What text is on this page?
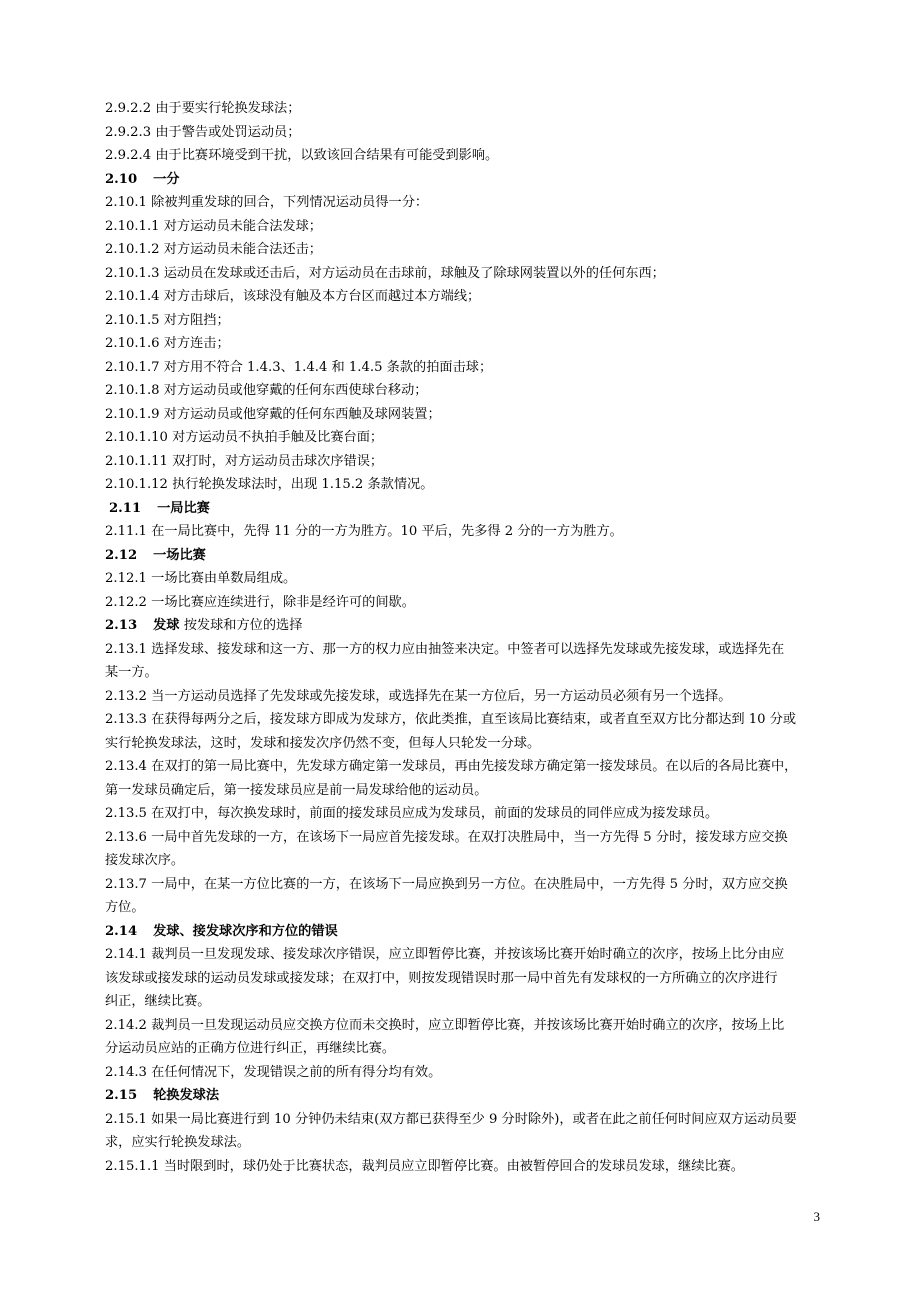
2.9.2.2 由于要实行轮换发球法；
2.9.2.3 由于警告或处罚运动员；
2.9.2.4 由于比赛环境受到干扰，以致该回合结果有可能受到影响。
2.10 一分
2.10.1 除被判重发球的回合，下列情况运动员得一分：
2.10.1.1 对方运动员未能合法发球；
2.10.1.2 对方运动员未能合法还击；
2.10.1.3 运动员在发球或还击后，对方运动员在击球前，球触及了除球网装置以外的任何东西；
2.10.1.4 对方击球后，该球没有触及本方台区而越过本方端线；
2.10.1.5 对方阻挡；
2.10.1.6 对方连击；
2.10.1.7 对方用不符合 1.4.3、1.4.4 和 1.4.5 条款的拍面击球；
2.10.1.8 对方运动员或他穿戴的任何东西使球台移动；
2.10.1.9 对方运动员或他穿戴的任何东西触及球网装置；
2.10.1.10 对方运动员不执拍手触及比赛台面；
2.10.1.11 双打时，对方运动员击球次序错误；
2.10.1.12 执行轮换发球法时，出现 1.15.2 条款情况。
2.11 一局比赛
2.11.1 在一局比赛中，先得 11 分的一方为胜方。10 平后，先多得 2 分的一方为胜方。
2.12 一场比赛
2.12.1 一场比赛由单数局组成。
2.12.2 一场比赛应连续进行，除非是经许可的间歇。
2.13 发球 按发球和方位的选择
2.13.1 选择发球、接发球和这一方、那一方的权力应由抽签来决定。中签者可以选择先发球或先接发球，或选择先在
某一方。
2.13.2 当一方运动员选择了先发球或先接发球，或选择先在某一方位后，另一方运动员必须有另一个选择。
2.13.3 在获得每两分之后，接发球方即成为发球方，依此类推，直至该局比赛结束，或者直至双方比分都达到 10 分或
实行轮换发球法，这时，发球和接发次序仍然不变，但每人只轮发一分球。
2.13.4 在双打的第一局比赛中，先发球方确定第一发球员，再由先接发球方确定第一接发球员。在以后的各局比赛中，
第一发球员确定后，第一接发球员应是前一局发球给他的运动员。
2.13.5 在双打中，每次换发球时，前面的接发球员应成为发球员，前面的发球员的同伴应成为接发球员。
2.13.6 一局中首先发球的一方，在该场下一局应首先接发球。在双打决胜局中，当一方先得 5 分时，接发球方应交换
接发球次序。
2.13.7 一局中，在某一方位比赛的一方，在该场下一局应换到另一方位。在决胜局中，一方先得 5 分时，双方应交换
方位。
2.14 发球、接发球次序和方位的错误
2.14.1 裁判员一旦发现发球、接发球次序错误，应立即暂停比赛，并按该场比赛开始时确立的次序，按场上比分由应
该发球或接发球的运动员发球或接发球；在双打中，则按发现错误时那一局中首先有发球权的一方所确立的次序进行
纠正，继续比赛。
2.14.2 裁判员一旦发现运动员应交换方位而未交换时，应立即暂停比赛，并按该场比赛开始时确立的次序，按场上比
分运动员应站的正确方位进行纠正，再继续比赛。
2.14.3 在任何情况下，发现错误之前的所有得分均有效。
2.15 轮换发球法
2.15.1 如果一局比赛进行到 10 分钟仍未结束(双方都已获得至少 9 分时除外)，或者在此之前任何时间应双方运动员要
求，应实行轮换发球法。
2.15.1.1 当时限到时，球仍处于比赛状态，裁判员应立即暂停比赛。由被暂停回合的发球员发球，继续比赛。
3
